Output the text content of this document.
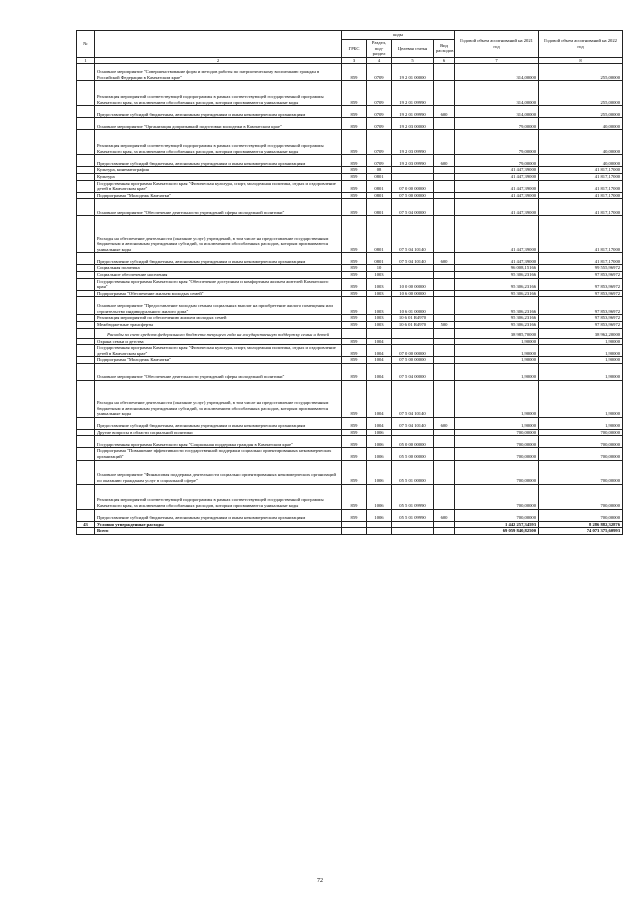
№		коды				Годовой объем ассигнований на 2021 год	Годовой объем ассигнований на 2022 год
		ГРБС	Раздел, под-раздел	Целевая статья	Вид расходов		
1	2	3	4	5	6	7	8
	Основное мероприятие "Совершенствование форм и методов работы по патриотическому воспитанию граждан в Российской Федерации в Камчатском крае"	859	0709	19 2 01 00000		314,00000	255,00000
	Реализация мероприятий соответствующей подпрограммы в рамках соответствующей государственной программы Камчатского края, за исключением обособленных расходов, которым присваиваются уникальные коды	859	0709	19 2 01 09990		314,00000	255,00000
	Предоставление субсидий бюджетным, автономным учреждениям и иным некоммерческим организациям	859	0709	19 2 01 09990	600	314,00000	255,00000
	Основное мероприятие "Организация допризывной подготовки молодежи в Камчатском крае"	859	0709	19 2 03 00000		79,00000	40,00000
	Реализация мероприятий соответствующей подпрограммы в рамках соответствующей государственной программы Камчатского края, за исключением обособленных расходов, которым присваиваются уникальные коды	859	0709	19 2 03 09990		79,00000	40,00000
	Предоставление субсидий бюджетным, автономным учреждениям и иным некоммерческим организациям	859	0709	19 2 03 09990	600	79,00000	40,00000
	Культура, кинематография	859	08			41 447,39000	41 817,17000
	Культура	859	0801			41 447,39000	41 817,17000
	Государственная программа Камчатского края "Физическая культура, спорт, молодежная политика, отдых и оздоровление детей в Камчатском крае"	859	0801	07 0 00 00000		41 447,39000	41 817,17000
	Подпрограмма "Молодежь Камчатки"	859	0801	07 5 00 00000		41 447,39000	41 817,17000
	Основное мероприятие "Обеспечение деятельности учреждений сферы молодежной политики"	859	0801	07 5 04 00000		41 447,39000	41 817,17000
	Расходы на обеспечение деятельности (оказание услуг) учреждений, в том числе на предоставление государственным бюджетным и автономным учреждениям субсидий, за исключением обособленных расходов, которым присваиваются уникальные коды	859	0801	07 5 04 10140		41 447,39000	41 817,17000
	Предоставление субсидий бюджетным, автономным учреждениям и иным некоммерческим организациям	859	0801	07 5 04 10140	600	41 447,39000	41 817,17000
	Социальная политика	859	10			96 008,15166	99 555,96972
	Социальное обеспечение населения	859	1003			95 306,23166	97 853,96972
	Государственная программа Камчатского края "Обеспечение доступным и комфортным жильем жителей Камчатского края"	859	1003	10 0 00 00000		95 306,23166	97 853,96972
	Подпрограмма "Обеспечение жильем молодых семей"	859	1003	10 6 00 00000		95 306,23166	97 853,96972
	Основное мероприятие "Предоставление молодым семьям социальных выплат на приобретение жилого помещения или строительство индивидуального жилого дома"	859	1003	10 6 01 00000		95 306,23166	97 853,96972
	Реализация мероприятий по обеспечению жильем молодых семей	859	1003	10 6 01 R4970		95 306,23166	97 853,96972
	Межбюджетные трансферты	859	1003	10 6 01 R4970	500	95 306,23166	97 853,96972
	Расходы за счет средств федерального бюджета текущего года на государственную поддержку семьи и детей					38 985,70000	38 962,20000
	Охрана семьи и детства	859	1004			1,90000	1,90000
	Государственная программа Камчатского края "Физическая культура, спорт, молодежная политика, отдых и оздоровление детей в Камчатском крае"	859	1004	07 0 00 00000		1,90000	1,90000
	Подпрограмма "Молодежь Камчатки"	859	1004	07 5 00 00000		1,90000	1,90000
	Основное мероприятие "Обеспечение деятельности учреждений сферы молодежной политики"	859	1004	07 5 04 00000		1,90000	1,90000
	Расходы на обеспечение деятельности (оказание услуг) учреждений, в том числе на предоставление государственным бюджетным и автономным учреждениям субсидий, за исключением обособленных расходов, которым присваиваются уникальные коды	859	1004	07 5 04 10140		1,90000	1,90000
	Предоставление субсидий бюджетным, автономным учреждениям и иным некоммерческим организациям	859	1004	07 5 04 10140	600	1,90000	1,90000
	Другие вопросы в области социальной политики	859	1006			700,00000	700,00000
	Государственная программа Камчатского края "Социальная поддержка граждан в Камчатском крае"	859	1006	05 0 00 00000		700,00000	700,00000
	Подпрограмма "Повышение эффективности государственной поддержки социально ориентированных некоммерческих организаций"	859	1006	05 5 00 00000		700,00000	700,00000
	Основное мероприятие "Финансовая поддержка деятельности социально ориентированных некоммерческих организаций по оказанию гражданам услуг в социальной сфере"	859	1006	05 5 01 00000		700,00000	700,00000
	Реализация мероприятий соответствующей подпрограммы в рамках соответствующей государственной программы Камчатского края, за исключением обособленных расходов, которым присваиваются уникальные коды	859	1006	05 5 01 09990		700,00000	700,00000
	Предоставление субсидий бюджетным, автономным учреждениям и иным некоммерческим организациям	859	1006	05 5 01 09990	600	700,00000	700,00000
43	Условно утвержденные расходы					1 442 257,34593	8 286 882,32876
	Всего					69 059 840,82500	74 073 375,60993
72
